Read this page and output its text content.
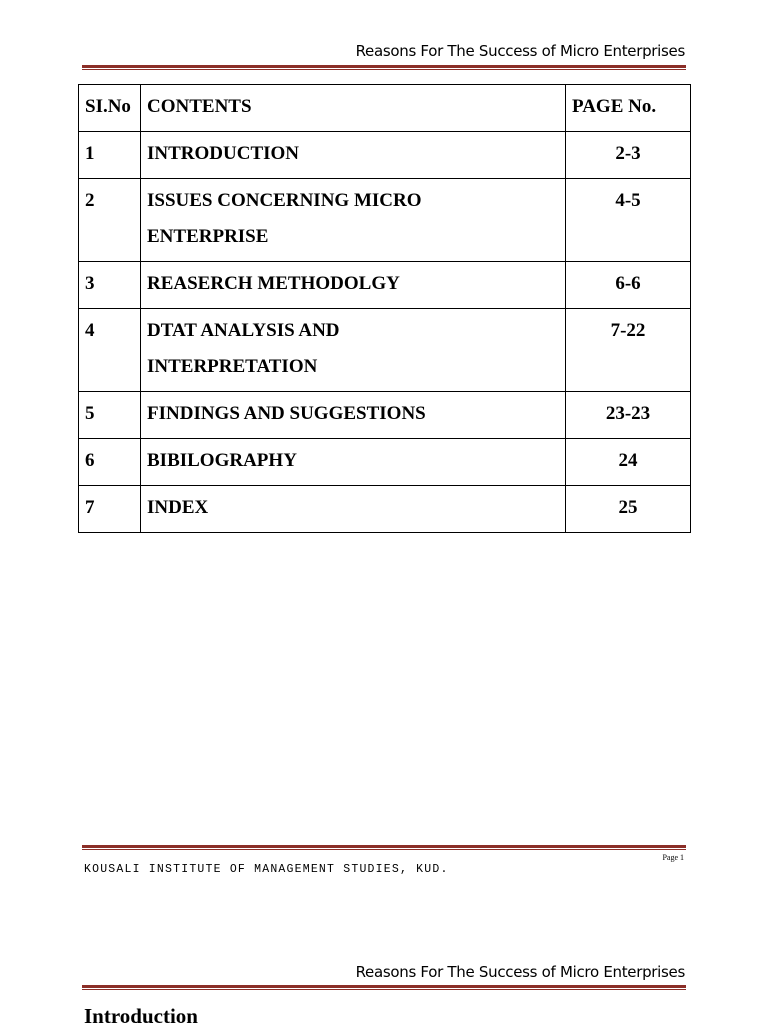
Reasons For The Success of Micro Enterprises
SI.No	CONTENTS	PAGE No.
1	INTRODUCTION	2-3
2	ISSUES CONCERNING MICRO ENTERPRISE	4-5
3	REASERCH METHODOLGY	6-6
4	DTAT ANALYSIS AND INTERPRETATION	7-22
5	FINDINGS AND SUGGESTIONS	23-23
6	BIBILOGRAPHY	24
7	INDEX	25
Page 1
KOUSALI INSTITUTE OF MANAGEMENT STUDIES, KUD.
Reasons For The Success of Micro Enterprises
Introduction
